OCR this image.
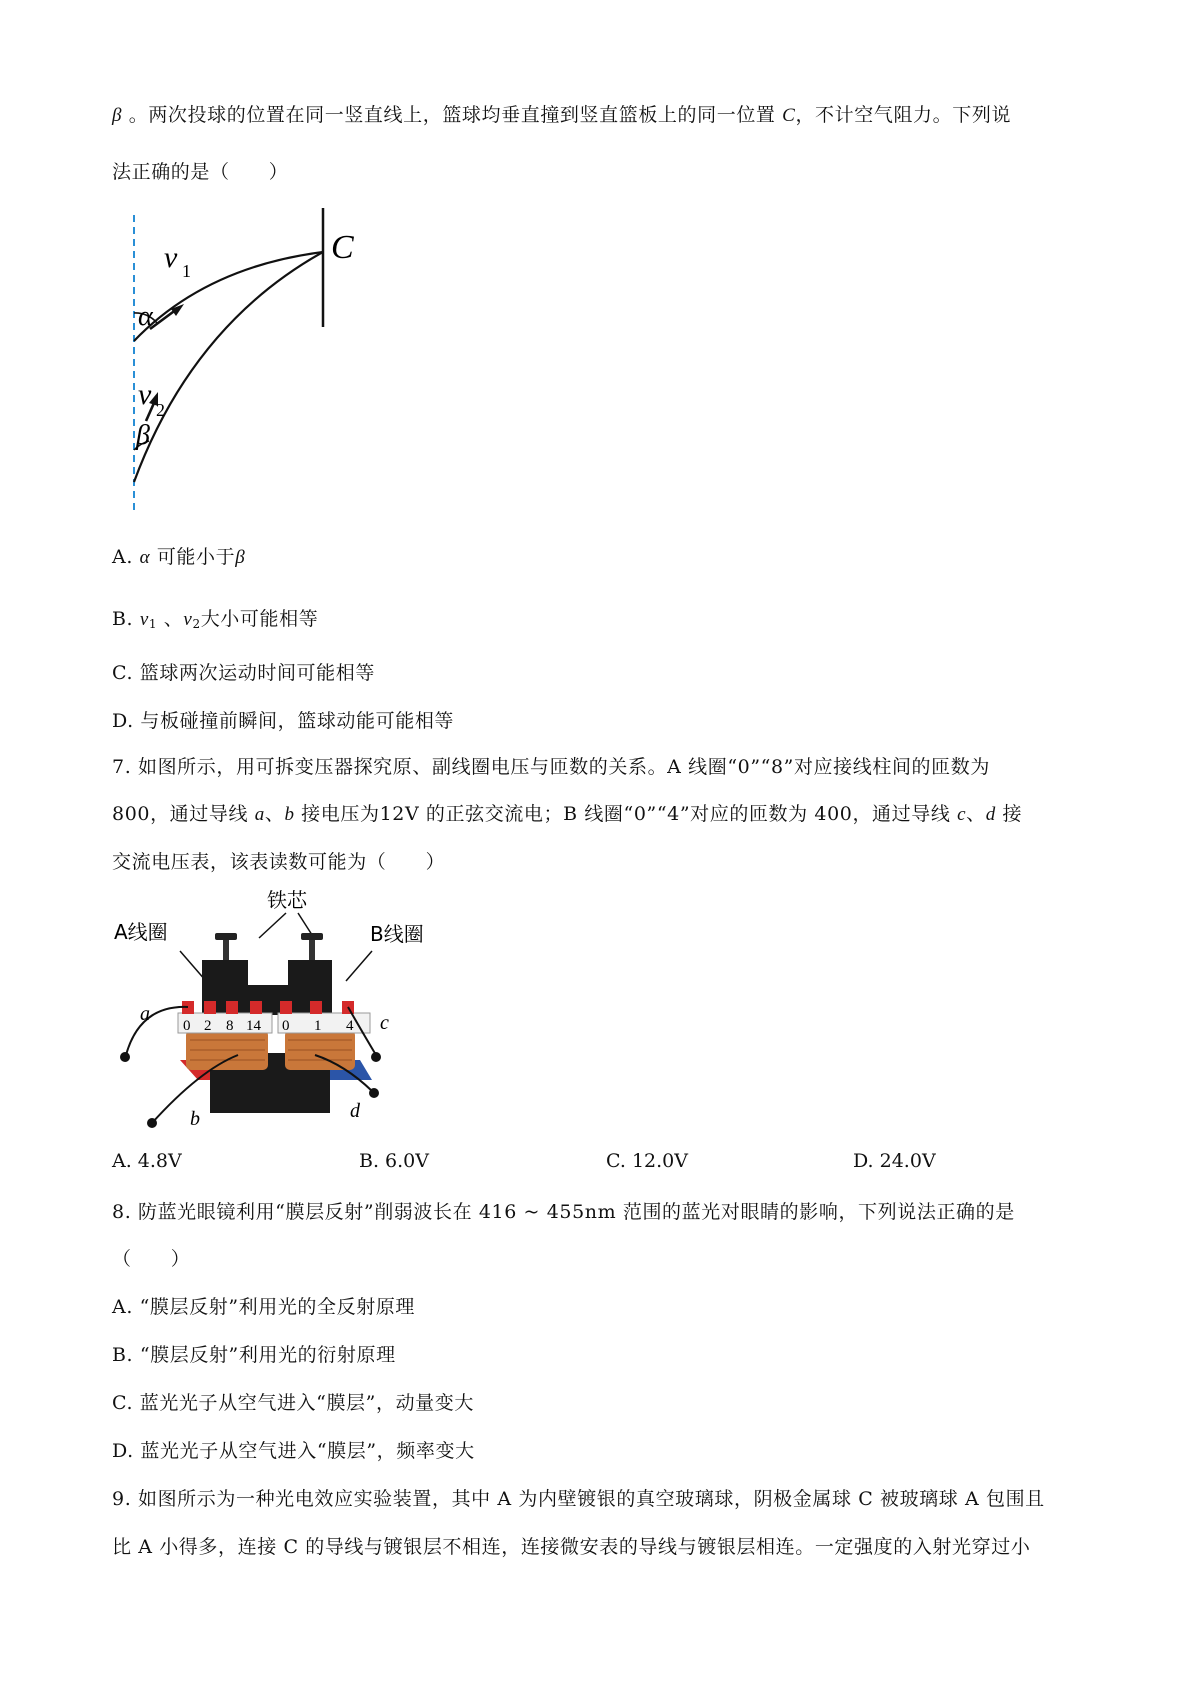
β 。两次投球的位置在同一竖直线上，篮球均垂直撞到竖直篮板上的同一位置 C，不计空气阻力。下列说
法正确的是（　　）
C
α
v 1
v 2
β
A. α 可能小于β
B. $v_1$ 、$v_2$大小可能相等
C. 篮球两次运动时间可能相等
D. 与板碰撞前瞬间，篮球动能可能相等
7. 如图所示，用可拆变压器探究原、副线圈电压与匝数的关系。A 线圈“0”“8”对应接线柱间的匝数为
800，通过导线 a、b 接电压为12V 的正弦交流电；B 线圈“0”“4”对应的匝数为 400，通过导线 c、d 接
交流电压表，该表读数可能为（　　）
铁芯
A线圈	B线圈
0 2 8 14 0 1 4
a
b
c
d
A. 4.8V	B. 6.0V	C. 12.0V	D. 24.0V
8. 防蓝光眼镜利用“膜层反射”削弱波长在 416 ~ 455nm 范围的蓝光对眼睛的影响，下列说法正确的是
（　　）
A. “膜层反射”利用光的全反射原理
B. “膜层反射”利用光的衍射原理
C. 蓝光光子从空气进入“膜层”，动量变大
D. 蓝光光子从空气进入“膜层”，频率变大
9. 如图所示为一种光电效应实验装置，其中 A 为内壁镀银的真空玻璃球，阴极金属球 C 被玻璃球 A 包围且
比 A 小得多，连接 C 的导线与镀银层不相连，连接微安表的导线与镀银层相连。一定强度的入射光穿过小
